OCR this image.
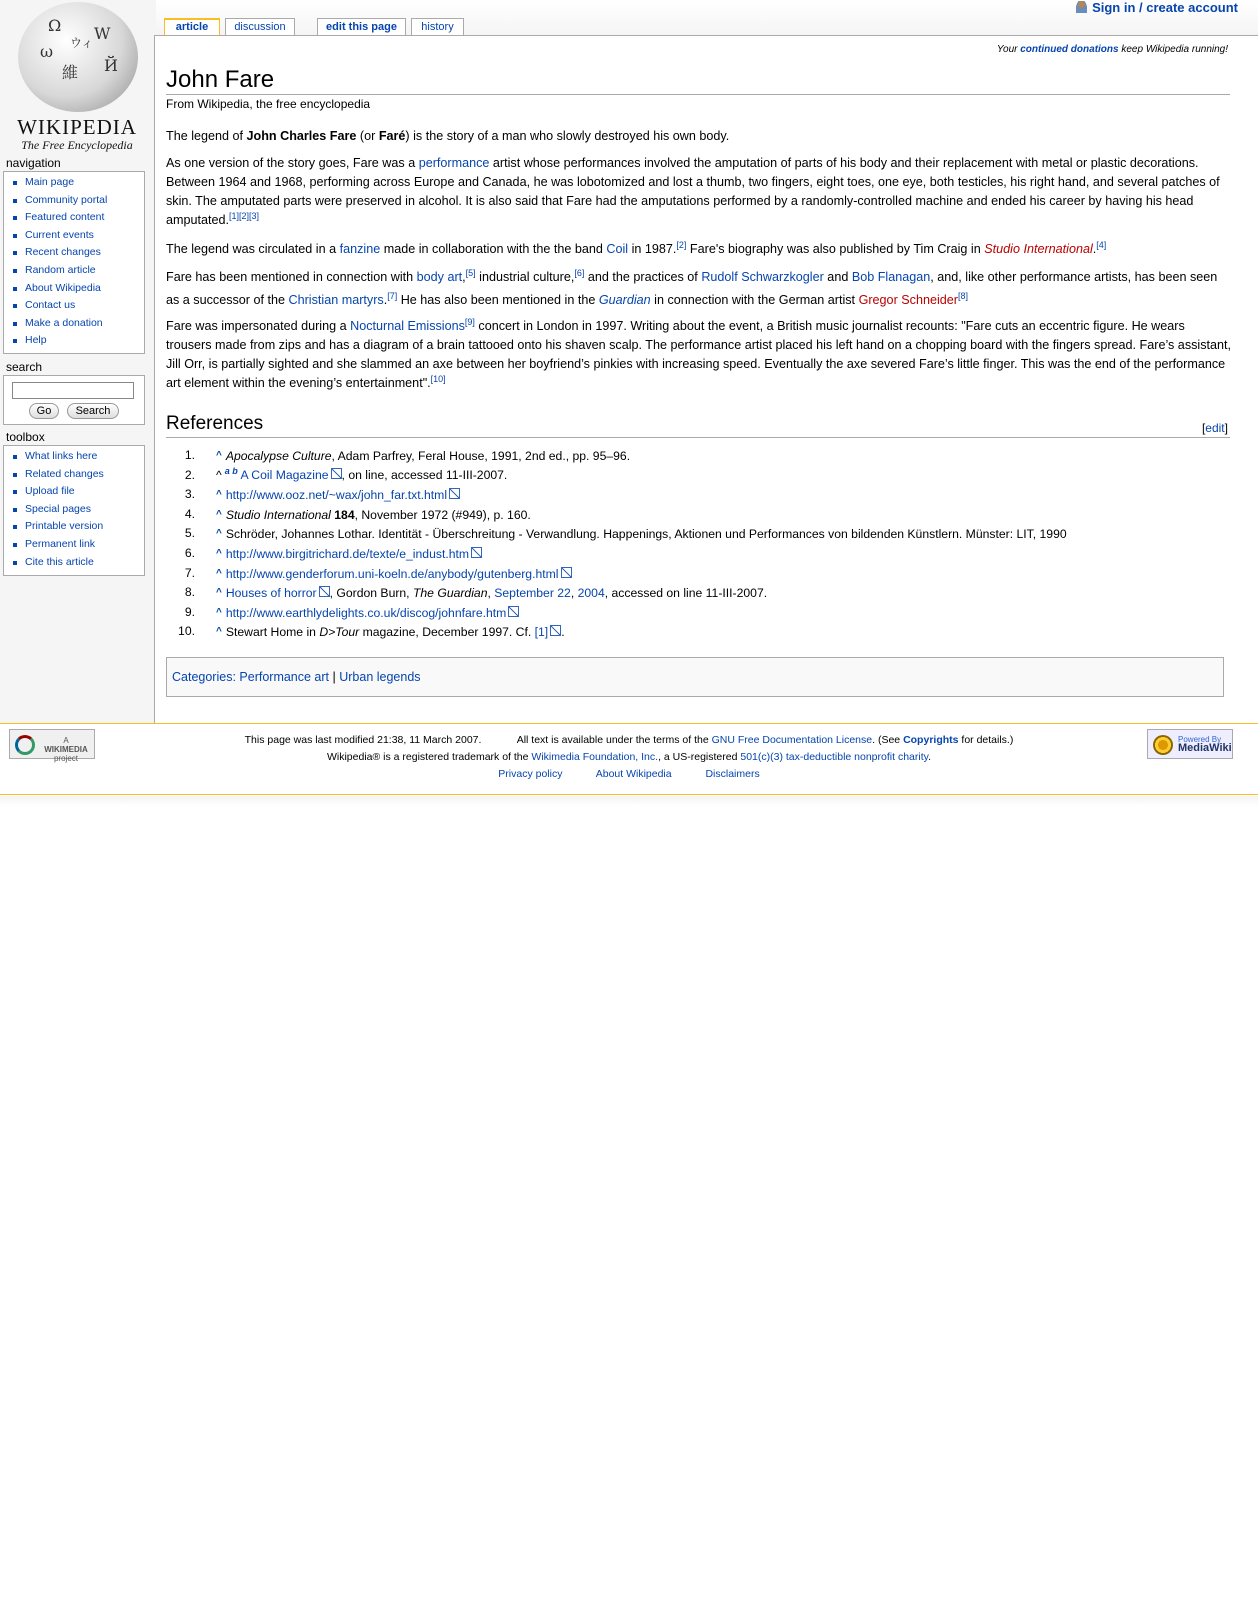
Ω W
維 Й
ウィ
ω
WIKIPEDIA
The Free Encyclopedia
article	discussion	edit this page	history
Sign in / create account
Your continued donations keep Wikipedia running!
John Fare
From Wikipedia, the free encyclopedia

The legend of John Charles Fare (or Faré) is the story of a man who slowly destroyed his own body.

As one version of the story goes, Fare was a performance artist whose performances involved the amputation of parts of his body and their replacement with metal or plastic decorations. Between 1964 and 1968, performing across Europe and Canada, he was lobotomized and lost a thumb, two fingers, eight toes, one eye, both testicles, his right hand, and several patches of skin. The amputated parts were preserved in alcohol. It is also said that Fare had the amputations performed by a randomly-controlled machine and ended his career by having his head amputated.[1][2][3]

The legend was circulated in a fanzine made in collaboration with the the band Coil in 1987.[2] Fare's biography was also published by Tim Craig in Studio International.[4]

Fare has been mentioned in connection with body art,[5] industrial culture,[6] and the practices of Rudolf Schwarzkogler and Bob Flanagan, and, like other performance artists, has been seen as a successor of the Christian martyrs.[7] He has also been mentioned in the Guardian in connection with the German artist Gregor Schneider[8]

Fare was impersonated during a Nocturnal Emissions[9] concert in London in 1997. Writing about the event, a British music journalist recounts: "Fare cuts an eccentric figure. He wears trousers made from zips and has a diagram of a brain tattooed onto his shaven scalp. The performance artist placed his left hand on a chopping board with the fingers spread. Fare’s assistant, Jill Orr, is partially sighted and she slammed an axe between her boyfriend’s pinkies with increasing speed. Eventually the axe severed Fare’s little finger. This was the end of the performance art element within the evening’s entertainment".[10]

References	[edit]
1. ^ Apocalypse Culture, Adam Parfrey, Feral House, 1991, 2nd ed., pp. 95–96.
2. ^ $^{a b}$ A Coil Magazine , on line, accessed 11-III-2007.
3. ^ http://www.ooz.net/~wax/john_far.txt.html
4. ^ Studio International 184, November 1972 (#949), p. 160.
5. ^ Schröder, Johannes Lothar. Identität - Überschreitung - Verwandlung. Happenings, Aktionen und Performances von bildenden Künstlern. Münster: LIT, 1990
6. ^ http://www.birgitrichard.de/texte/e_indust.htm
7. ^ http://www.genderforum.uni-koeln.de/anybody/gutenberg.html
8. ^ Houses of horror , Gordon Burn, The Guardian, September 22, 2004, accessed on line 11-III-2007.
9. ^ http://www.earthlydelights.co.uk/discog/johnfare.htm
10. ^ Stewart Home in D>Tour magazine, December 1997. Cf. [1] .
Categories: Performance art | Urban legends
navigation
Main page
Community portal
Featured content
Current events
Recent changes
Random article
About Wikipedia
Contact us
Make a donation
Help
search
Go	Search
toolbox
What links here
Related changes
Upload file
Special pages
Printable version
Permanent link
Cite this article
A
WIKIMEDIA
project
This page was last modified 21:38, 11 March 2007.	All text is available under the terms of the GNU Free Documentation License. (See Copyrights for details.)
Wikipedia® is a registered trademark of the Wikimedia Foundation, Inc., a US-registered 501(c)(3) tax-deductible nonprofit charity.
Privacy policy	About Wikipedia	Disclaimers
Powered By
MediaWiki
